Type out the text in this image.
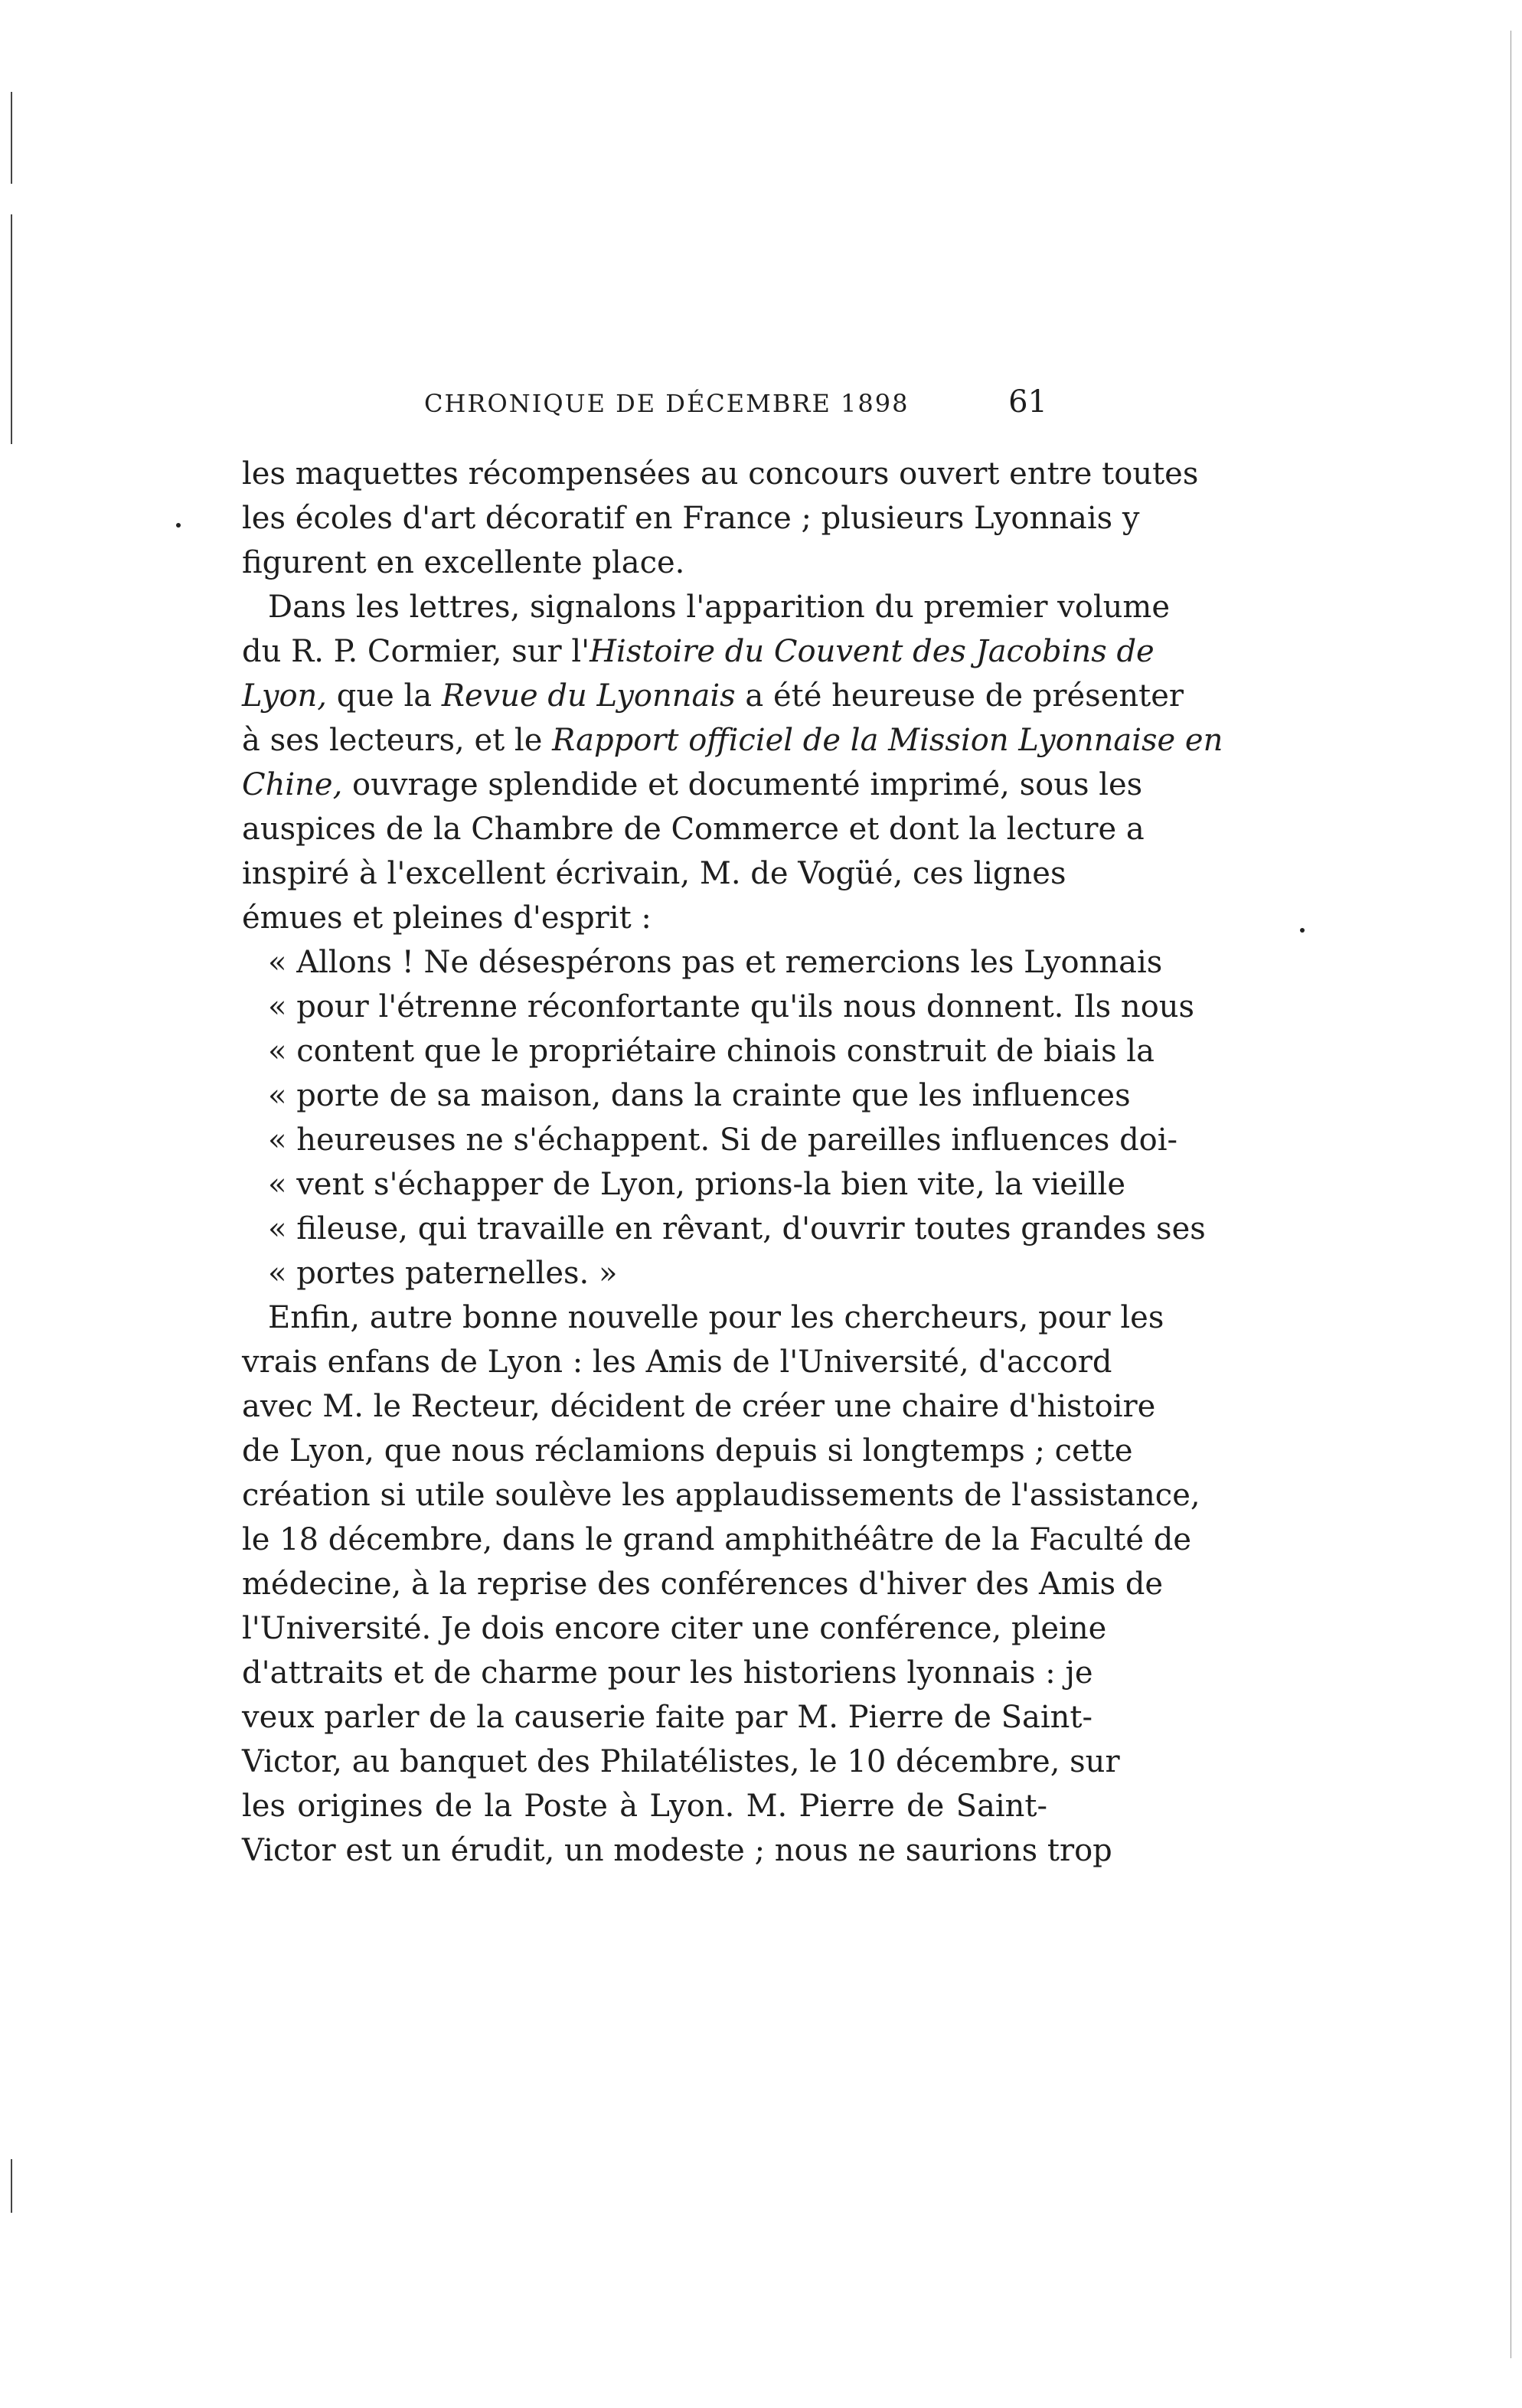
CHRONIQUE DE DÉCEMBRE 1898	61
les maquettes récompensées au concours ouvert entre toutes
les écoles d'art décoratif en France ; plusieurs Lyonnais y
figurent en excellente place.
Dans les lettres, signalons l'apparition du premier volume
du R. P. Cormier, sur l'Histoire du Couvent des Jacobins de
Lyon, que la Revue du Lyonnais a été heureuse de présenter
à ses lecteurs, et le Rapport officiel de la Mission Lyonnaise en
Chine, ouvrage splendide et documenté imprimé, sous les
auspices de la Chambre de Commerce et dont la lecture a
inspiré à l'excellent écrivain, M. de Vogüé, ces lignes
émues et pleines d'esprit :
« Allons ! Ne désespérons pas et remercions les Lyonnais
« pour l'étrenne réconfortante qu'ils nous donnent. Ils nous
« content que le propriétaire chinois construit de biais la
« porte de sa maison, dans la crainte que les influences
« heureuses ne s'échappent. Si de pareilles influences doi-
« vent s'échapper de Lyon, prions-la bien vite, la vieille
« fileuse, qui travaille en rêvant, d'ouvrir toutes grandes ses
« portes paternelles. »
Enfin, autre bonne nouvelle pour les chercheurs, pour les
vrais enfans de Lyon : les Amis de l'Université, d'accord
avec M. le Recteur, décident de créer une chaire d'histoire
de Lyon, que nous réclamions depuis si longtemps ; cette
création si utile soulève les applaudissements de l'assistance,
le 18 décembre, dans le grand amphithéâtre de la Faculté de
médecine, à la reprise des conférences d'hiver des Amis de
l'Université. Je dois encore citer une conférence, pleine
d'attraits et de charme pour les historiens lyonnais : je
veux parler de la causerie faite par M. Pierre de Saint-
Victor, au banquet des Philatélistes, le 10 décembre, sur
les origines de la Poste à Lyon. M. Pierre de Saint-
Victor est un érudit, un modeste ; nous ne saurions trop
